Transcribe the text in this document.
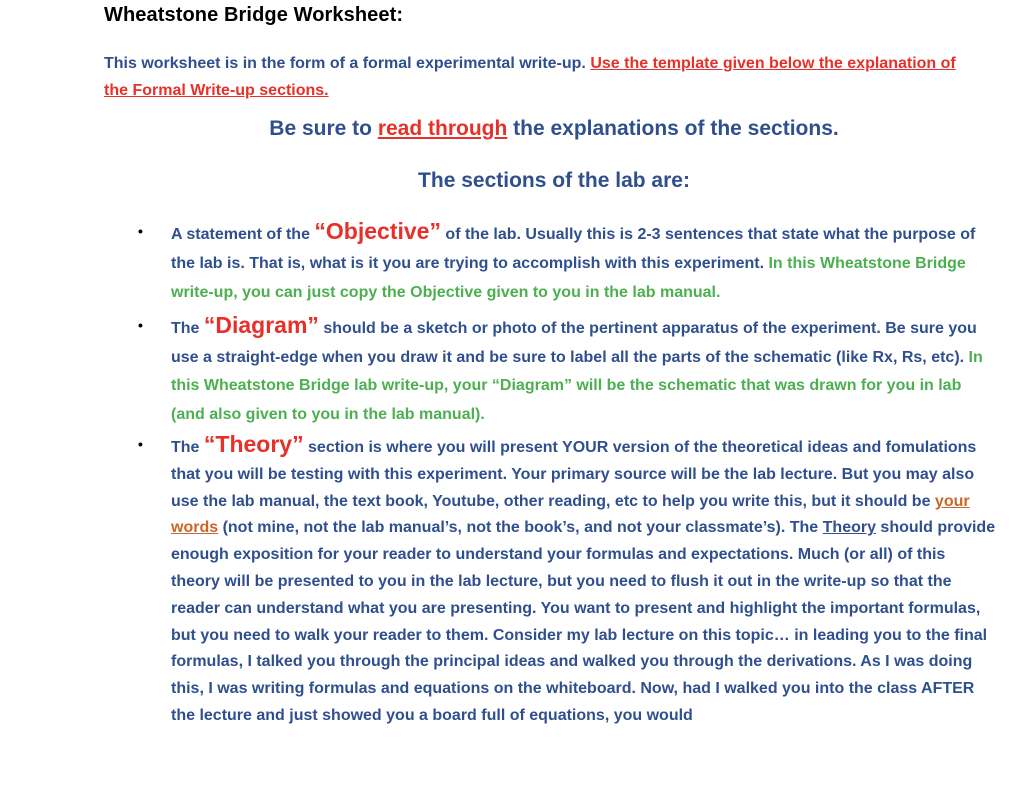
Wheatstone Bridge Worksheet:
This worksheet is in the form of a formal experimental write-up. Use the template given below the explanation of the Formal Write-up sections.
Be sure to read through the explanations of the sections.
The sections of the lab are:
• A statement of the “Objective” of the lab. Usually this is 2-3 sentences that state what the purpose of the lab is. That is, what is it you are trying to accomplish with this experiment. In this Wheatstone Bridge write-up, you can just copy the Objective given to you in the lab manual.
• The “Diagram” should be a sketch or photo of the pertinent apparatus of the experiment. Be sure you use a straight-edge when you draw it and be sure to label all the parts of the schematic (like Rx, Rs, etc). In this Wheatstone Bridge lab write-up, your “Diagram” will be the schematic that was drawn for you in lab (and also given to you in the lab manual).
• The “Theory” section is where you will present YOUR version of the theoretical ideas and fomulations that you will be testing with this experiment. Your primary source will be the lab lecture. But you may also use the lab manual, the text book, Youtube, other reading, etc to help you write this, but it should be your words (not mine, not the lab manual’s, not the book’s, and not your classmate’s). The Theory should provide enough exposition for your reader to understand your formulas and expectations. Much (or all) of this theory will be presented to you in the lab lecture, but you need to flush it out in the write-up so that the reader can understand what you are presenting. You want to present and highlight the important formulas, but you need to walk your reader to them. Consider my lab lecture on this topic… in leading you to the final formulas, I talked you through the principal ideas and walked you through the derivations. As I was doing this, I was writing formulas and equations on the whiteboard. Now, had I walked you into the class AFTER the lecture and just showed you a board full of equations, you would
